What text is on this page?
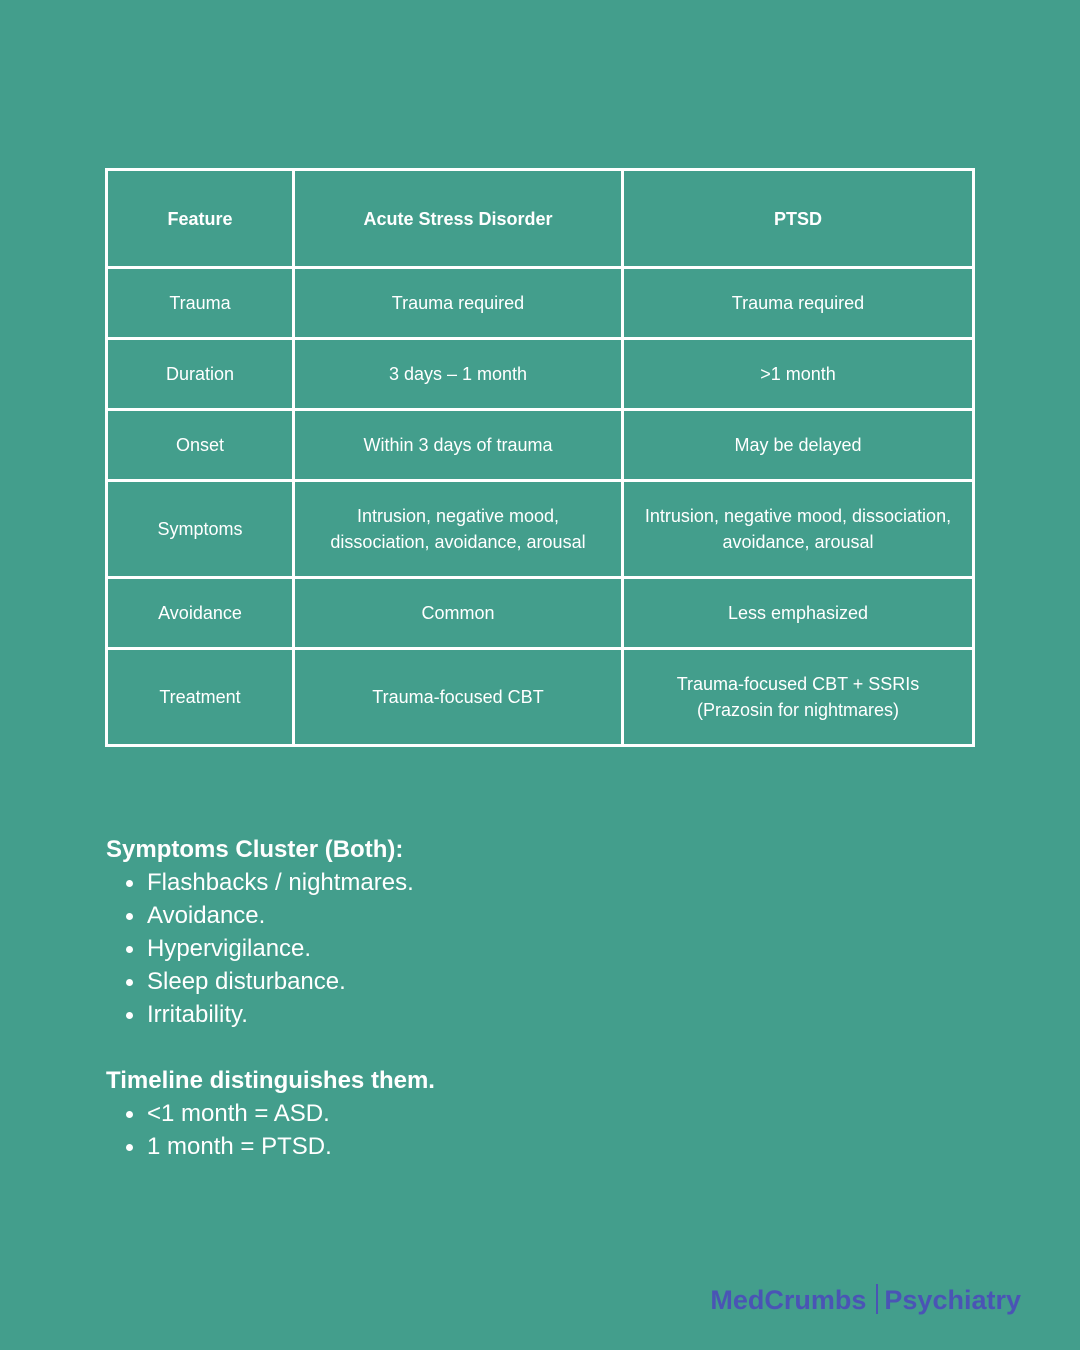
Feature	Acute Stress Disorder	PTSD
Trauma	Trauma required	Trauma required
Duration	3 days – 1 month	>1 month
Onset	Within 3 days of trauma	May be delayed
Symptoms	Intrusion, negative mood, dissociation, avoidance, arousal	Intrusion, negative mood, dissociation, avoidance, arousal
Avoidance	Common	Less emphasized
Treatment	Trauma-focused CBT	Trauma-focused CBT + SSRIs (Prazosin for nightmares)
Symptoms Cluster (Both):
Flashbacks / nightmares.
Avoidance.
Hypervigilance.
Sleep disturbance.
Irritability.
Timeline distinguishes them.
<1 month = ASD.
1 month = PTSD.
MedCrumbs Psychiatry
